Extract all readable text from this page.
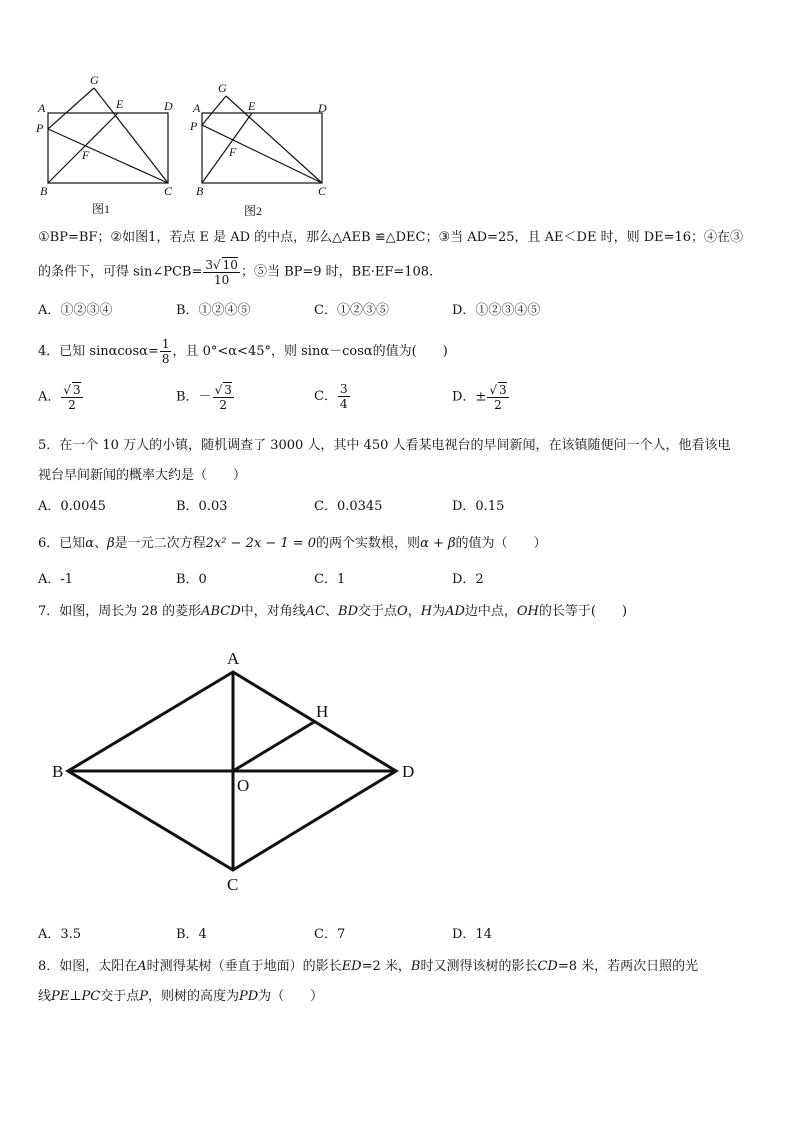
G
A	E	D
P
F
B	C
图1
G
A	E	D
P
F
B	C
图2
①BP=BF；②如图1，若点 E 是 AD 的中点，那么△AEB ≌△DEC；③当 AD=25，且 AE＜DE 时，则 DE=16；④在③
的条件下，可得 sin∠PCB= $\frac{3√ 10}{10}$ ；⑤当 BP=9 时，BE·EF=108.
A．①②③④	B．①②④⑤	C．①②③⑤	D．①②③④⑤
4．已知 $\sin\alpha\cos\alpha= \frac{1}{8}$ ，且 0°<α<45°，则 sinα－cosα的值为(　　)
A． $\frac{√ 3}{2}$	B．－ $\frac{√ 3}{2}$	C． $\frac{3}{4}$	D．± $\frac{√ 3}{2}$
5．在一个 10 万人的小镇，随机调查了 3000 人，其中 450 人看某电视台的早间新闻，在该镇随便问一个人，他看该电
视台早间新闻的概率大约是（　　）
A．0.0045	B．0.03	C．0.0345	D．0.15
6．已知α、β是一元二次方程2x² − 2x − 1 = 0的两个实数根，则α + β的值为（　　）
A．-1	B．0	C．1	D．2
7．如图，周长为 28 的菱形ABCD中，对角线AC、BD交于点O，H为AD边中点，OH的长等于(　　)
A
B
C
D
O
H
A．3.5	B．4	C．7	D．14
8．如图，太阳在A时测得某树（垂直于地面）的影长ED=2 米，B时又测得该树的影长CD=8 米，若两次日照的光
线PE⊥PC交于点P，则树的高度为PD为（　　）
